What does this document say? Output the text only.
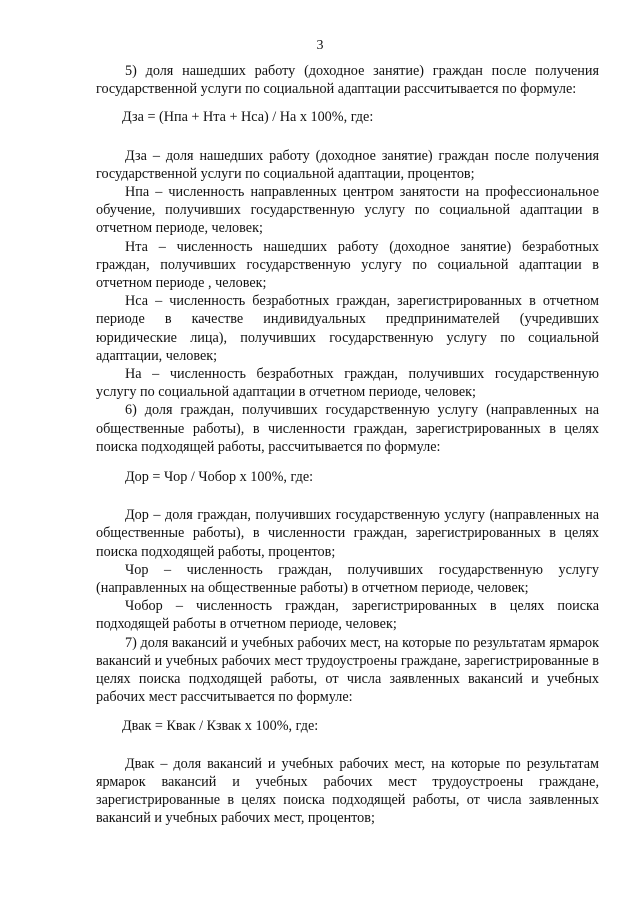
3

5) доля нашедших работу (доходное занятие) граждан после получения государственной услуги по социальной адаптации рассчитывается по формуле:

Дза = (Нпа + Нта + Нса) / На х 100%, где:

Дза – доля нашедших работу (доходное занятие) граждан после получения государственной услуги по социальной адаптации, процентов;

Нпа – численность направленных центром занятости на профессиональное обучение, получивших государственную услугу по социальной адаптации в отчетном периоде, человек;

Нта – численность нашедших работу (доходное занятие) безработных граждан, получивших государственную услугу по социальной адаптации в отчетном периоде , человек;

Нса – численность безработных граждан, зарегистрированных в отчетном периоде в качестве индивидуальных предпринимателей (учредивших юридические лица), получивших государственную услугу по социальной адаптации, человек;

На – численность безработных граждан, получивших государственную услугу по социальной адаптации в отчетном периоде, человек;

6) доля граждан, получивших государственную услугу (направленных на общественные работы), в численности граждан, зарегистрированных в целях поиска подходящей работы, рассчитывается по формуле:

Дор = Чор / Чобор х 100%, где:

Дор – доля граждан, получивших государственную услугу (направленных на общественные работы), в численности граждан, зарегистрированных в целях поиска подходящей работы, процентов;

Чор – численность граждан, получивших государственную услугу (направленных на общественные работы) в отчетном периоде, человек;

Чобор – численность граждан, зарегистрированных в целях поиска подходящей работы в отчетном периоде, человек;

7) доля вакансий и учебных рабочих мест, на которые по результатам ярмарок вакансий и учебных рабочих мест трудоустроены граждане, зарегистрированные в целях поиска подходящей работы, от числа заявленных вакансий и учебных рабочих мест рассчитывается по формуле:

Двак = Квак / Кзвак х 100%, где:

Двак – доля вакансий и учебных рабочих мест, на которые по результатам ярмарок вакансий и учебных рабочих мест трудоустроены граждане, зарегистрированные в целях поиска подходящей работы, от числа заявленных вакансий и учебных рабочих мест, процентов;
